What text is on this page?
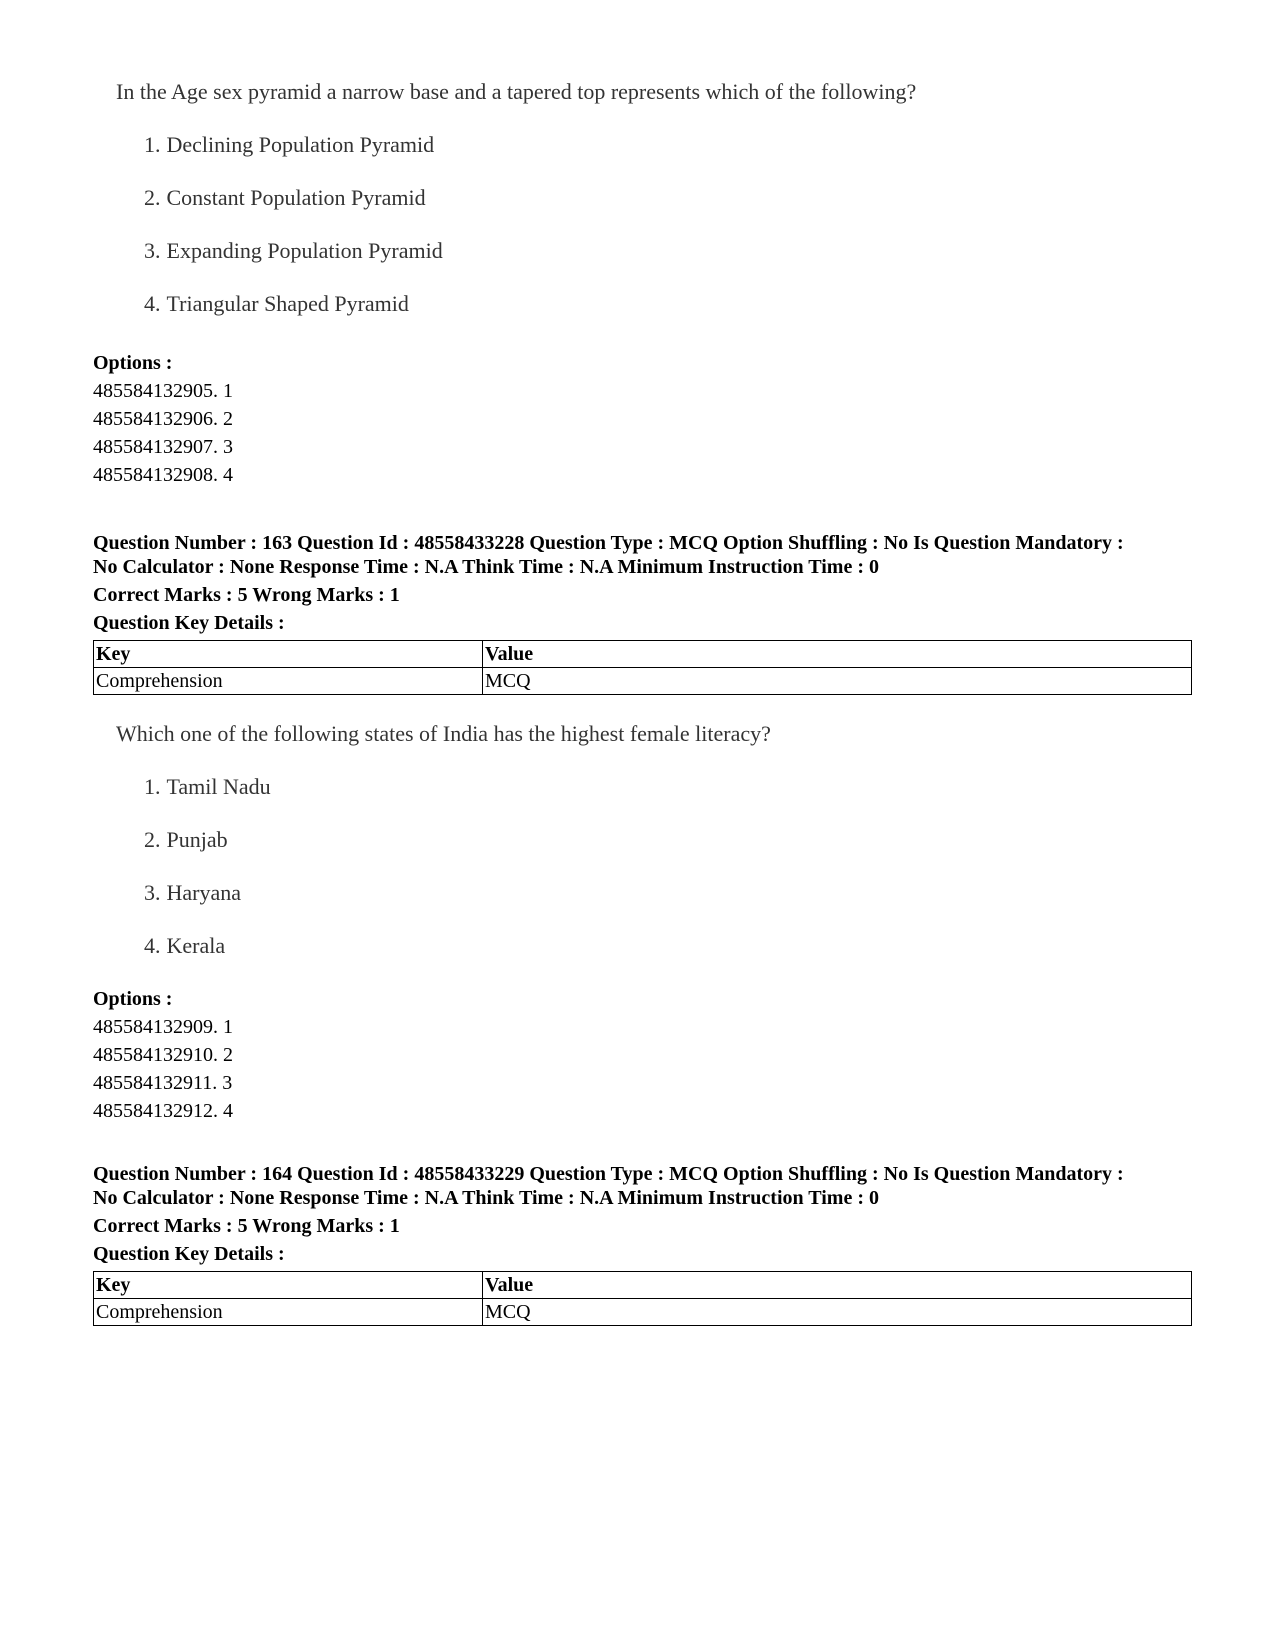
In the Age sex pyramid a narrow base and a tapered top represents which of the following?
1. Declining Population Pyramid
2. Constant Population Pyramid
3. Expanding Population Pyramid
4. Triangular Shaped Pyramid
Options :
485584132905. 1
485584132906. 2
485584132907. 3
485584132908. 4
Question Number : 163 Question Id : 48558433228 Question Type : MCQ Option Shuffling : No Is Question Mandatory :
No Calculator : None Response Time : N.A Think Time : N.A Minimum Instruction Time : 0
Correct Marks : 5 Wrong Marks : 1
Question Key Details :
Key	Value
Comprehension	MCQ
Which one of the following states of India has the highest female literacy?
1. Tamil Nadu
2. Punjab
3. Haryana
4. Kerala
Options :
485584132909. 1
485584132910. 2
485584132911. 3
485584132912. 4
Question Number : 164 Question Id : 48558433229 Question Type : MCQ Option Shuffling : No Is Question Mandatory :
No Calculator : None Response Time : N.A Think Time : N.A Minimum Instruction Time : 0
Correct Marks : 5 Wrong Marks : 1
Question Key Details :
Key	Value
Comprehension	MCQ
